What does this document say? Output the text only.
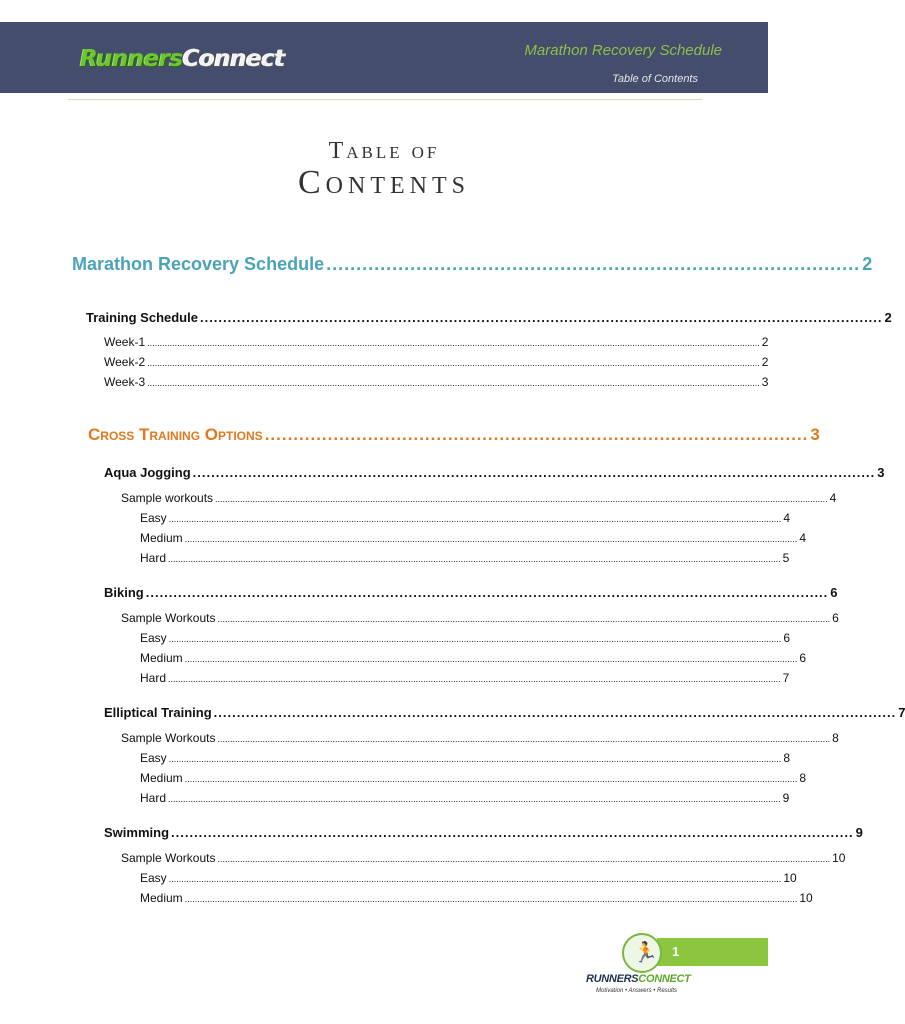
RunnersConnect	Marathon Recovery Schedule
Table of Contents
Table of
Contents
Marathon Recovery Schedule ......................................................................................... 2
Training Schedule .................................................................................................................................................... 2
Week-1 ..................................................................................................................................................................................................................................................... 2
Week-2 ..................................................................................................................................................................................................................................................... 2
Week-3 ..................................................................................................................................................................................................................................................... 3
Cross Training Options ............................................................................................... 3
Aqua Jogging .................................................................................................................................................... 3
Sample workouts ..................................................................................................................................................................................................................................................... 4
Easy ..................................................................................................................................................................................................................................................... 4
Medium ..................................................................................................................................................................................................................................................... 4
Hard ..................................................................................................................................................................................................................................................... 5
Biking .................................................................................................................................................... 6
Sample Workouts ..................................................................................................................................................................................................................................................... 6
Easy ..................................................................................................................................................................................................................................................... 6
Medium ..................................................................................................................................................................................................................................................... 6
Hard ..................................................................................................................................................................................................................................................... 7
Elliptical Training .................................................................................................................................................... 7
Sample Workouts ..................................................................................................................................................................................................................................................... 8
Easy ..................................................................................................................................................................................................................................................... 8
Medium ..................................................................................................................................................................................................................................................... 8
Hard ..................................................................................................................................................................................................................................................... 9
Swimming .................................................................................................................................................... 9
Sample Workouts ..................................................................................................................................................................................................................................................... 10
Easy ..................................................................................................................................................................................................................................................... 10
Medium ..................................................................................................................................................................................................................................................... 10
1
🏃
RUNNERSCONNECT
Motivation • Answers • Results
